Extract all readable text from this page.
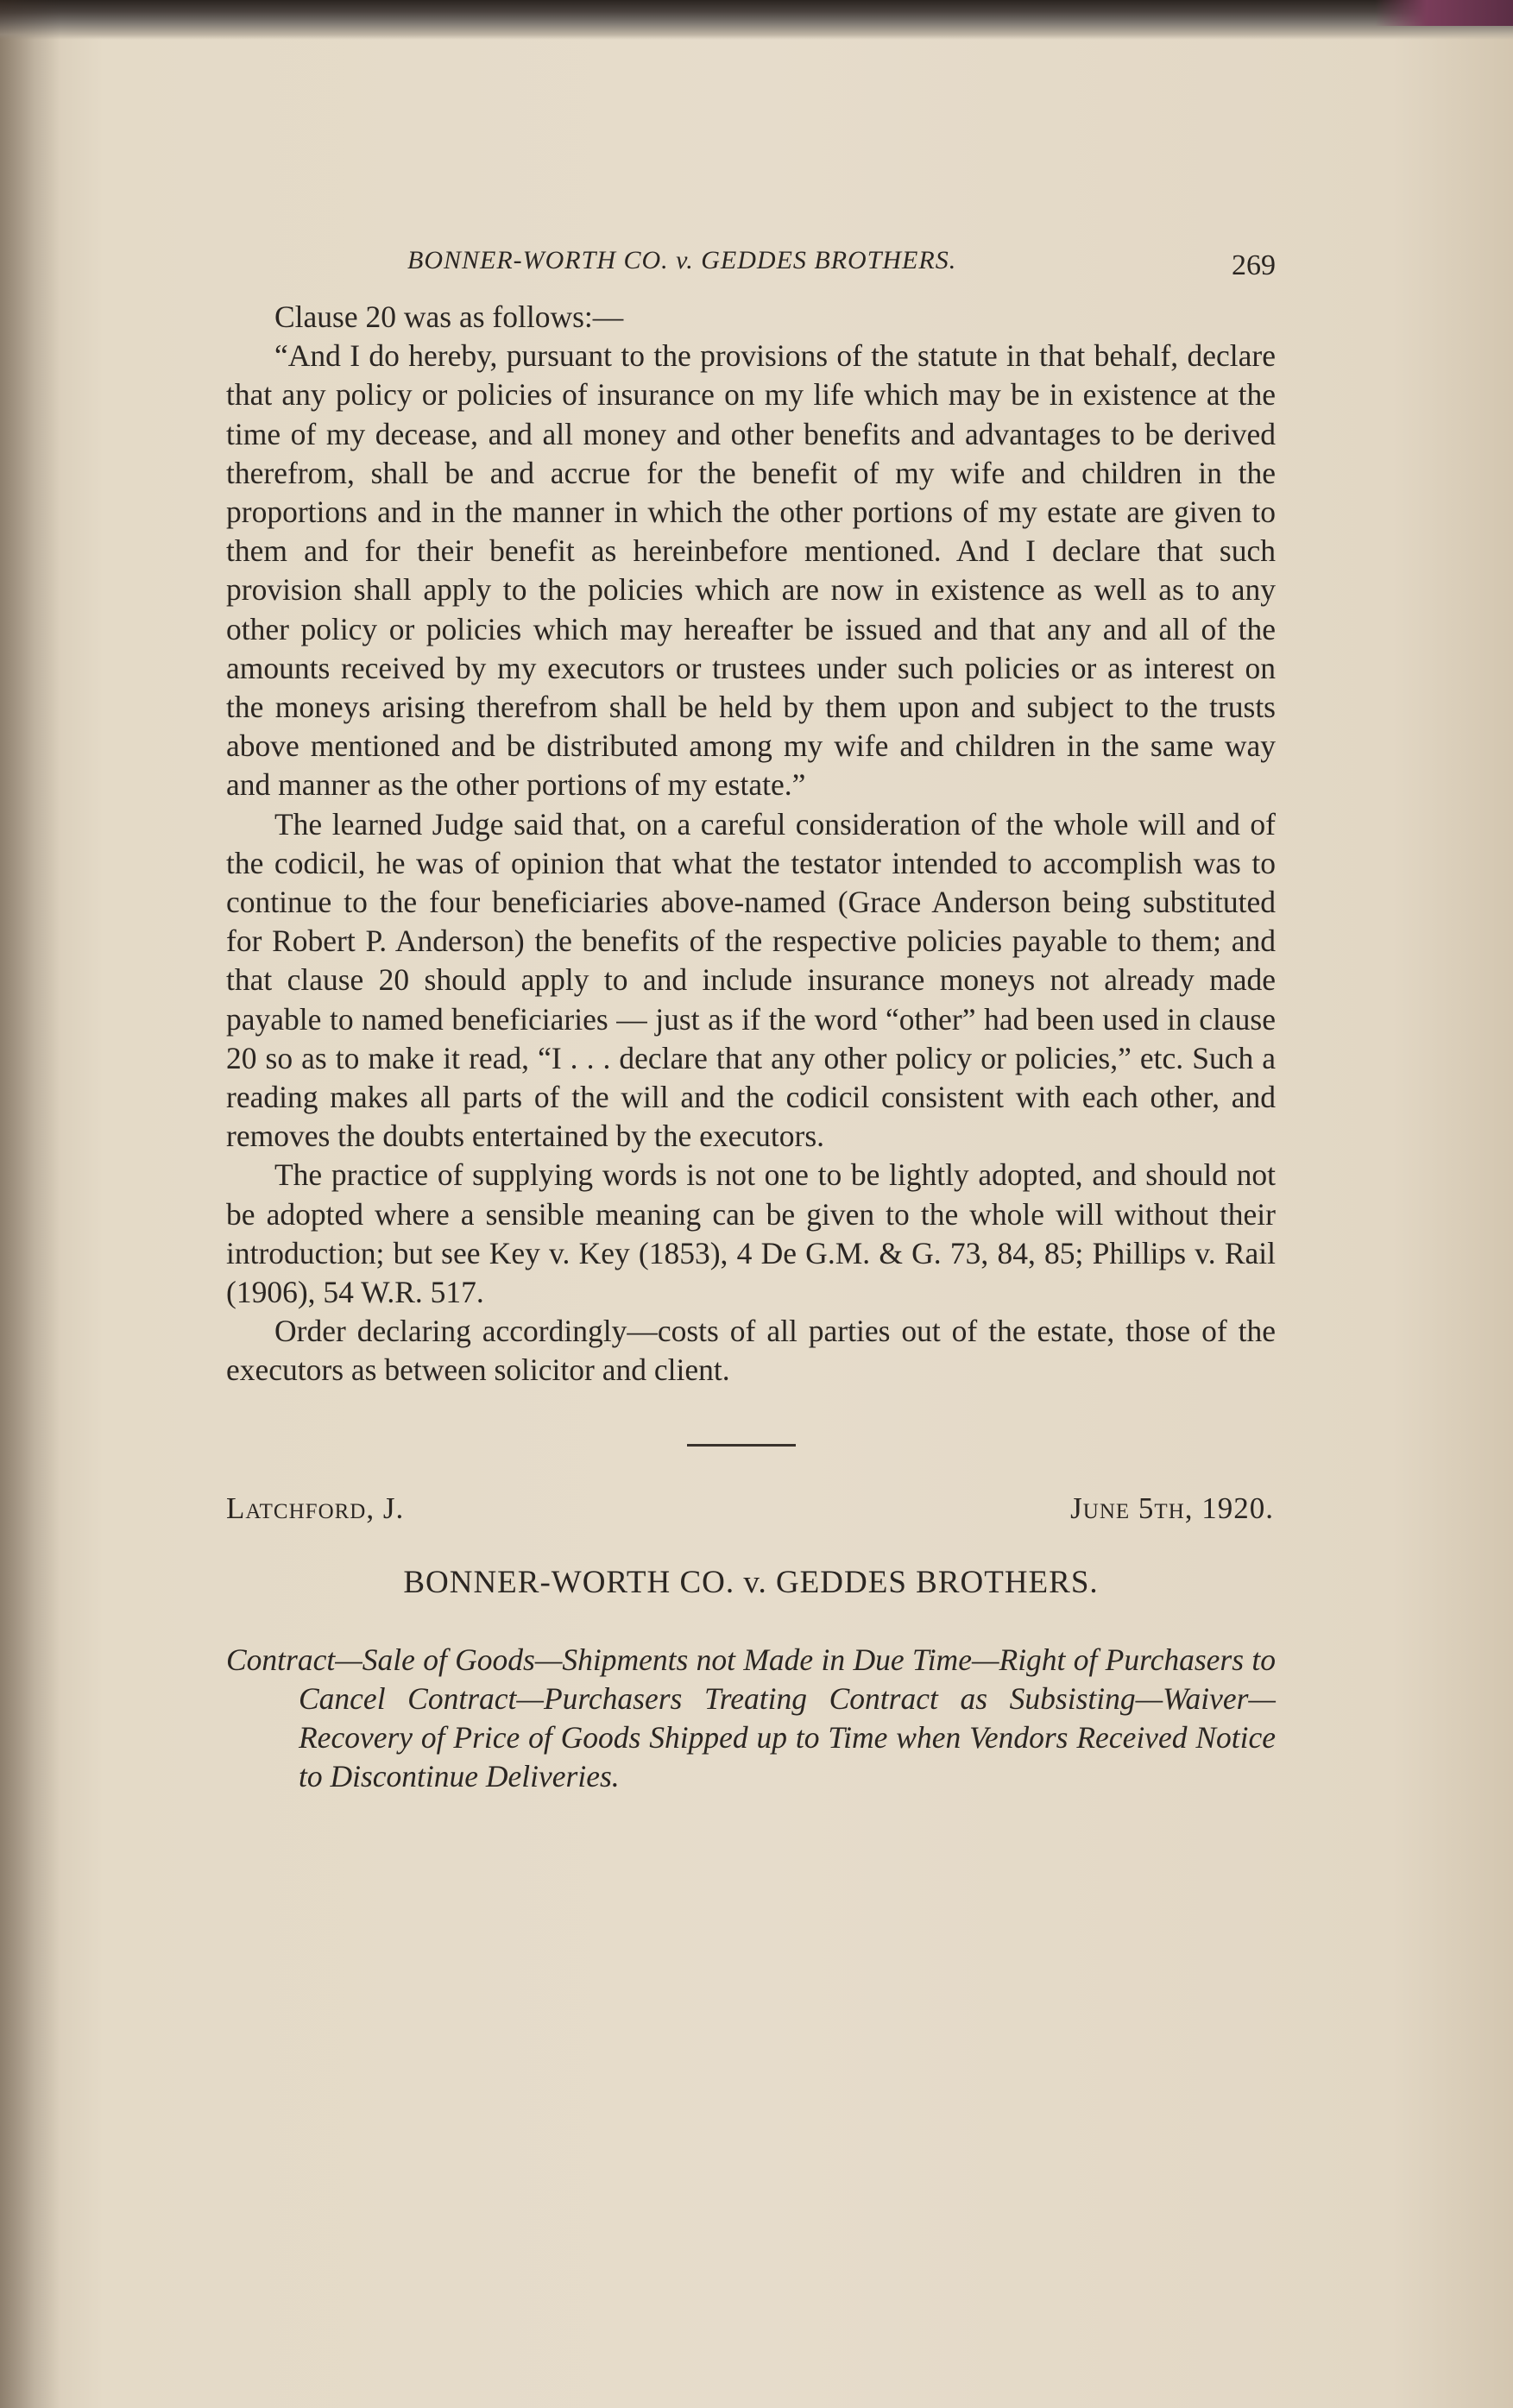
BONNER-WORTH CO. v. GEDDES BROTHERS.	269

Clause 20 was as follows:—

“And I do hereby, pursuant to the provisions of the statute in that behalf, declare that any policy or policies of insurance on my life which may be in existence at the time of my decease, and all money and other benefits and advantages to be derived therefrom, shall be and accrue for the benefit of my wife and children in the proportions and in the manner in which the other portions of my estate are given to them and for their benefit as hereinbefore mentioned. And I declare that such provision shall apply to the policies which are now in existence as well as to any other policy or policies which may hereafter be issued and that any and all of the amounts received by my executors or trustees under such policies or as interest on the moneys arising therefrom shall be held by them upon and subject to the trusts above mentioned and be distributed among my wife and children in the same way and manner as the other portions of my estate.”

The learned Judge said that, on a careful consideration of the whole will and of the codicil, he was of opinion that what the testator intended to accomplish was to continue to the four beneficiaries above-named (Grace Anderson being substituted for Robert P. Anderson) the benefits of the respective policies payable to them; and that clause 20 should apply to and include insurance moneys not already made payable to named beneficiaries — just as if the word “other” had been used in clause 20 so as to make it read, “I . . . declare that any other policy or policies,” etc. Such a reading makes all parts of the will and the codicil consistent with each other, and removes the doubts entertained by the executors.

The practice of supplying words is not one to be lightly adopted, and should not be adopted where a sensible meaning can be given to the whole will without their introduction; but see Key v. Key (1853), 4 De G.M. & G. 73, 84, 85; Phillips v. Rail (1906), 54 W.R. 517.

Order declaring accordingly—costs of all parties out of the estate, those of the executors as between solicitor and client.

Latchford, J.	June 5th, 1920.
BONNER-WORTH CO. v. GEDDES BROTHERS.
Contract—Sale of Goods—Shipments not Made in Due Time—Right of Purchasers to Cancel Contract—Purchasers Treating Contract as Subsisting—Waiver—Recovery of Price of Goods Shipped up to Time when Vendors Received Notice to Discontinue Deliveries.
